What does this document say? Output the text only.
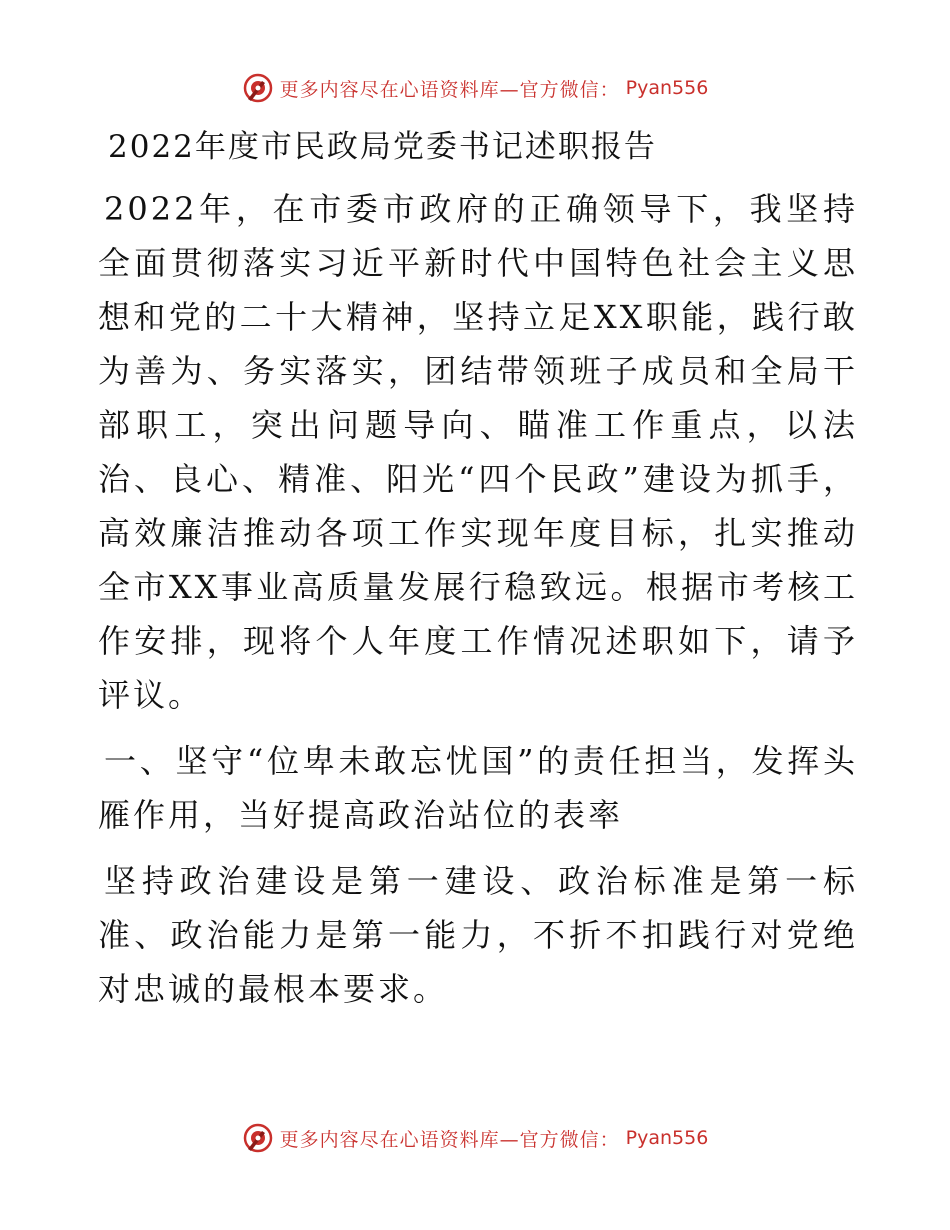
更多内容尽在心语资料库—官方微信： Pyan556
2022年度市民政局党委书记述职报告

2022年，在市委市政府的正确领导下，我坚持全面贯彻落实习近平新时代中国特色社会主义思想和党的二十大精神，坚持立足XX职能，践行敢为善为、务实落实，团结带领班子成员和全局干部职工，突出问题导向、瞄准工作重点，以法治、良心、精准、阳光“四个民政”建设为抓手，高效廉洁推动各项工作实现年度目标，扎实推动全市XX事业高质量发展行稳致远。根据市考核工作安排，现将个人年度工作情况述职如下，请予评议。

一、坚守“位卑未敢忘忧国”的责任担当，发挥头雁作用，当好提高政治站位的表率

坚持政治建设是第一建设、政治标准是第一标准、政治能力是第一能力，不折不扣践行对党绝对忠诚的最根本要求。

更多内容尽在心语资料库—官方微信： Pyan556
